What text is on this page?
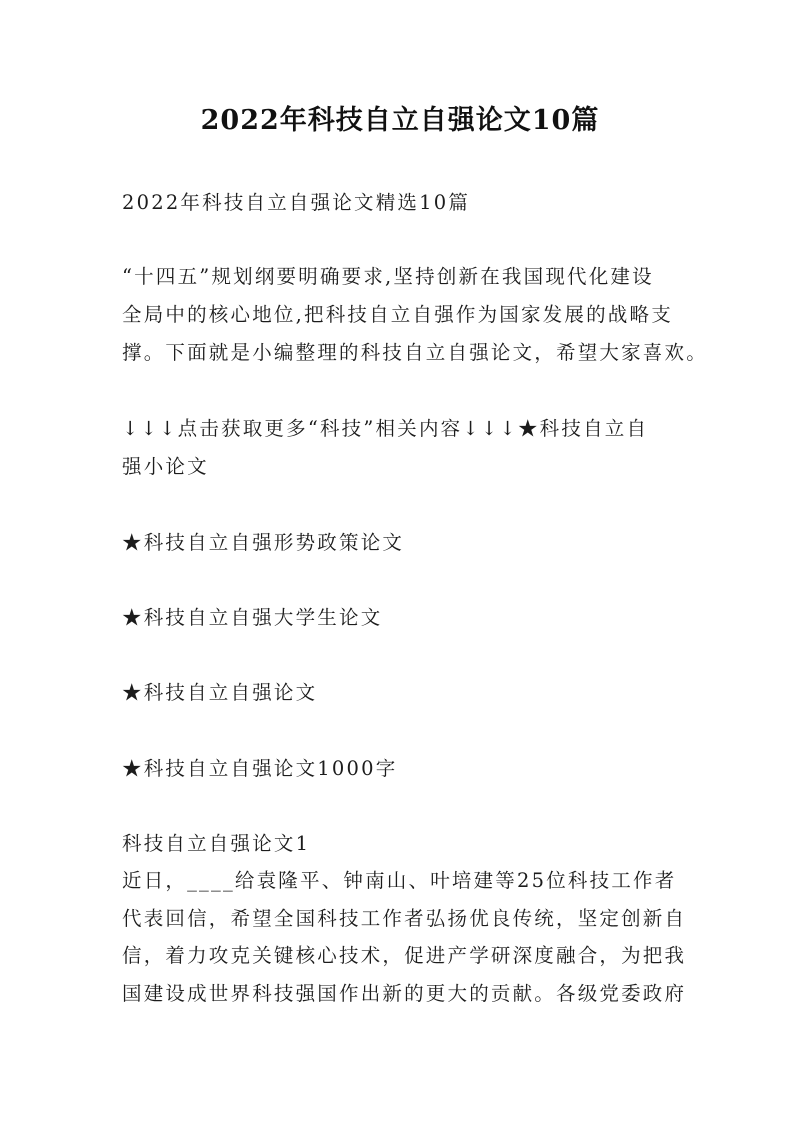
2022年科技自立自强论文10篇
2022年科技自立自强论文精选10篇
“十四五”规划纲要明确要求,坚持创新在我国现代化建设
全局中的核心地位,把科技自立自强作为国家发展的战略支
撑。下面就是小编整理的科技自立自强论文，希望大家喜欢。
↓↓↓点击获取更多“科技”相关内容↓↓↓★科技自立自
强小论文
★科技自立自强形势政策论文
★科技自立自强大学生论文
★科技自立自强论文
★科技自立自强论文1000字
科技自立自强论文1
近日，____给袁隆平、钟南山、叶培建等25位科技工作者
代表回信，希望全国科技工作者弘扬优良传统，坚定创新自
信，着力攻克关键核心技术，促进产学研深度融合，为把我
国建设成世界科技强国作出新的更大的贡献。各级党委政府
